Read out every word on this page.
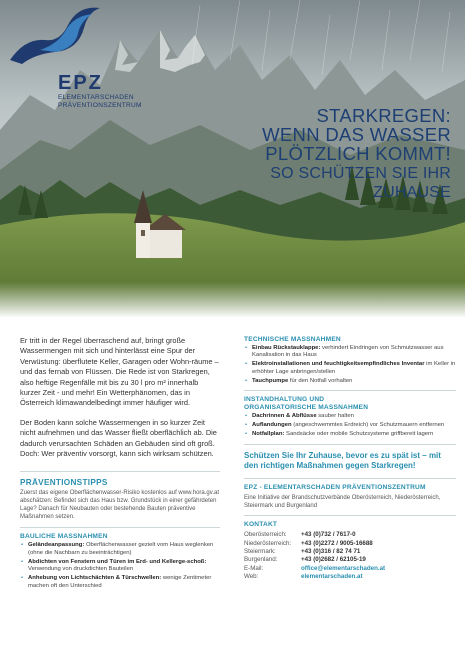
EPZ
ELEMENTARSCHADEN
PRÄVENTIONSZENTRUM	STARKREGEN:
WENN DAS WASSER
PLÖTZLICH KOMMT!
SO SCHÜTZEN SIE IHR ZUHAUSE

Er tritt in der Regel überraschend auf, bringt große Wassermengen mit sich und hinterlässt eine Spur der Verwüstung: überflutete Keller, Garagen oder Wohn-räume – und das fernab von Flüssen. Die Rede ist von Starkregen, also heftige Regenfälle mit bis zu 30 l pro m² innerhalb kurzer Zeit - und mehr! Ein Wetterphänomen, das in Österreich klimawandelbedingt immer häufiger wird.

Der Boden kann solche Wassermengen in so kurzer Zeit nicht aufnehmen und das Wasser fließt oberflächlich ab. Die dadurch verursachten Schäden an Gebäuden sind oft groß. Doch: Wer präventiv vorsorgt, kann sich wirksam schützen.

PRÄVENTIONSTIPPS

Zuerst das eigene Oberflächenwasser-Risiko kostenlos auf www.hora.gv.at abschätzen: Befindet sich das Haus bzw. Grundstück in einer gefährdeten Lage? Danach für Neubauten oder bestehende Bauten präventive Maßnahmen setzen.

BAULICHE MASSNAHMEN
• Geländeanpassung: Oberflächenwasser gezielt vom Haus weglenken (ohne die Nachbarn zu beeinträchtigen)
• Abdichten von Fenstern und Türen im Erd- und Kellerge-schoß: Verwendung von druckdichten Bauteilen
• Anhebung von Lichtschächten & Türschwellen: wenige Zentimeter machen oft den Unterschied
TECHNISCHE MASSNAHMEN
• Einbau Rückstauklappe: verhindert Eindringen von Schmutzwasser aus Kanalisation in das Haus
• Elektroinstallationen und feuchtigkeitsempfindliches Inventar im Keller in erhöhter Lage anbringen/stellen
• Tauchpumpe für den Notfall vorhalten
INSTANDHALTUNG UND
ORGANISATORISCHE MASSNAHMEN
• Dachrinnen & Abflüsse sauber halten
• Auflandungen (angeschwemmtes Erdreich) vor Schutzmauern entfernen
• Notfallplan: Sandsäcke oder mobile Schutzsysteme griffbereit lagern

Schützen Sie Ihr Zuhause, bevor es zu spät ist – mit den richtigen Maßnahmen gegen Starkregen!

EPZ - ELEMENTARSCHADEN PRÄVENTIONSZENTRUM

Eine Initiative der Brandschutzverbände Oberösterreich, Niederösterreich, Steiermark und Burgenland

KONTAKT
Oberösterreich:	+43 (0)732 / 7617-0
Niederösterreich:	+43 (0)2272 / 9005-16688
Steiermark:	+43 (0)316 / 82 74 71
Burgenland:	+43 (0)2682 / 62105-19
E-Mail:	office@elementarschaden.at
Web:	elementarschaden.at
